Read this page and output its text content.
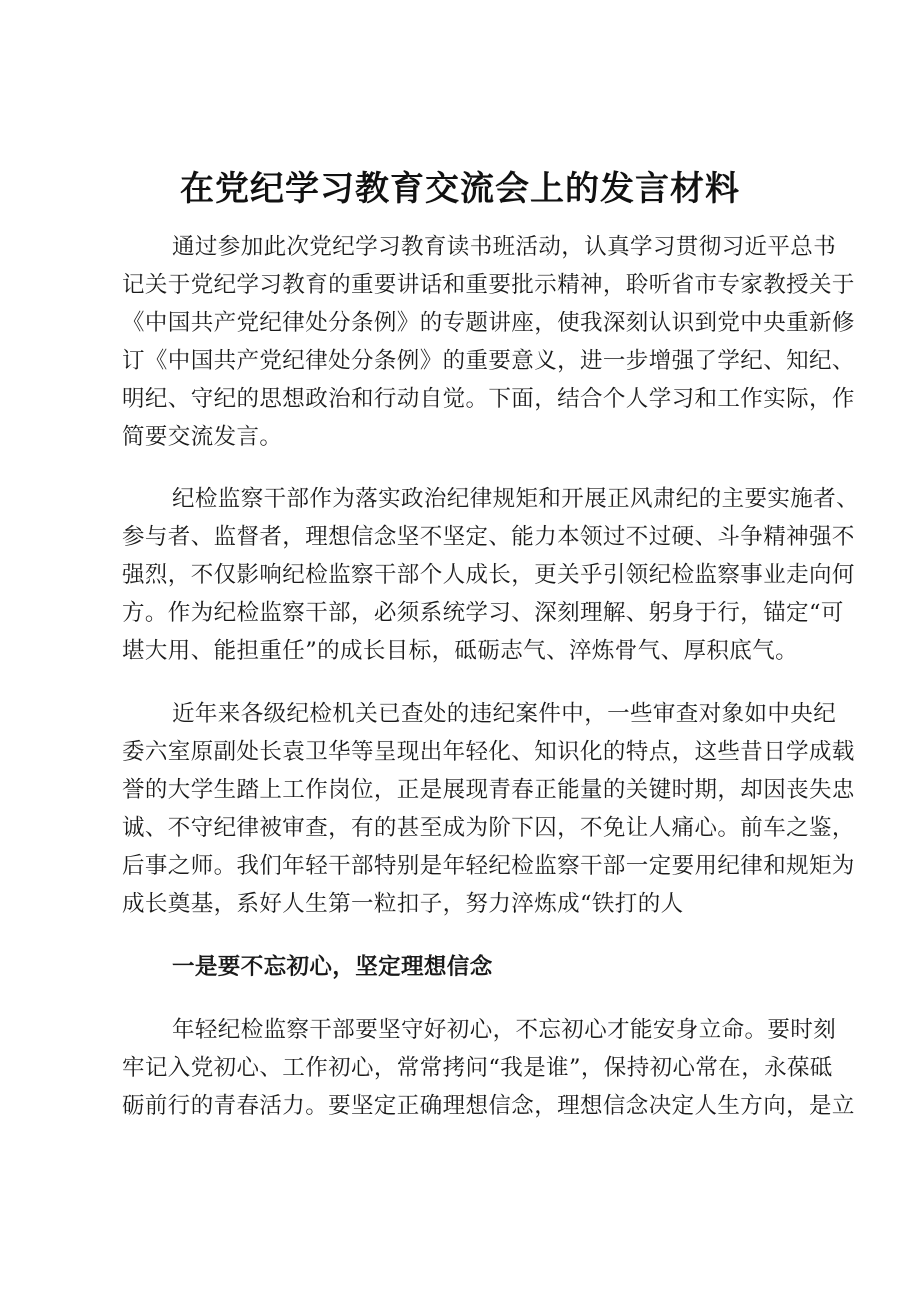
在党纪学习教育交流会上的发言材料

通过参加此次党纪学习教育读书班活动，认真学习贯彻习近平总书

记关于党纪学习教育的重要讲话和重要批示精神，聆听省市专家教授关于

《中国共产党纪律处分条例》的专题讲座，使我深刻认识到党中央重新修

订《中国共产党纪律处分条例》的重要意义，进一步增强了学纪、知纪、

明纪、守纪的思想政治和行动自觉。下面，结合个人学习和工作实际，作

简要交流发言。

纪检监察干部作为落实政治纪律规矩和开展正风肃纪的主要实施者、

参与者、监督者，理想信念坚不坚定、能力本领过不过硬、斗争精神强不

强烈，不仅影响纪检监察干部个人成长，更关乎引领纪检监察事业走向何

方。作为纪检监察干部，必须系统学习、深刻理解、躬身于行，锚定“可

堪大用、能担重任”的成长目标，砥砺志气、淬炼骨气、厚积底气。

近年来各级纪检机关已查处的违纪案件中，一些审查对象如中央纪

委六室原副处长袁卫华等呈现出年轻化、知识化的特点，这些昔日学成载

誉的大学生踏上工作岗位，正是展现青春正能量的关键时期，却因丧失忠

诚、不守纪律被审查，有的甚至成为阶下囚，不免让人痛心。前车之鉴，

后事之师。我们年轻干部特别是年轻纪检监察干部一定要用纪律和规矩为

成长奠基，系好人生第一粒扣子，努力淬炼成“铁打的人

一是要不忘初心，坚定理想信念

年轻纪检监察干部要坚守好初心，不忘初心才能安身立命。要时刻

牢记入党初心、工作初心，常常拷问“我是谁”，保持初心常在，永葆砥

砺前行的青春活力。要坚定正确理想信念，理想信念决定人生方向，是立
